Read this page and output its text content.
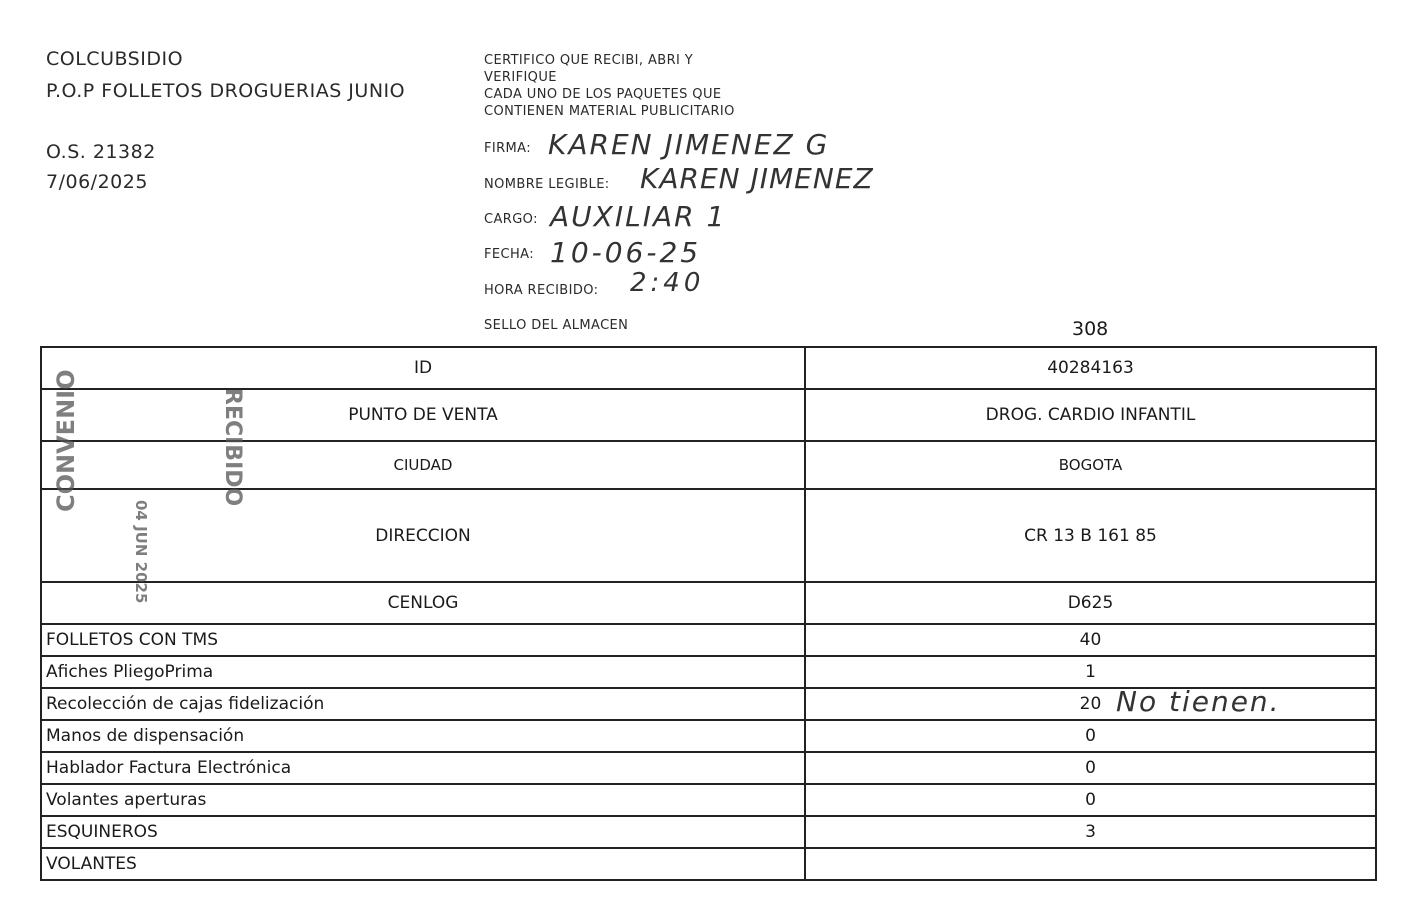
COLCUBSIDIO
P.O.P FOLLETOS DROGUERIAS JUNIO
O.S. 21382
7/06/2025
CERTIFICO QUE RECIBI, ABRI Y
VERIFIQUE
CADA UNO DE LOS PAQUETES QUE
CONTIENEN MATERIAL PUBLICITARIO
FIRMA: KAREN JIMENEZ G
NOMBRE LEGIBLE: KAREN JIMENEZ
CARGO: AUXILIAR 1
FECHA: 10-06-25
HORA RECIBIDO: 2:40
SELLO DEL ALMACEN	308
ID	40284163
PUNTO DE VENTA	DROG. CARDIO INFANTIL
CIUDAD	BOGOTA
DIRECCION	CR 13 B 161 85
CENLOG	D625
FOLLETOS CON TMS	40
Afiches PliegoPrima	1
Recolección de cajas fidelización	20 No tienen.

Manos de dispensación	0
Hablador Factura Electrónica	0
Volantes aperturas	0
ESQUINEROS	3
VOLANTES	
CONVENIO
04 JUN 2025
RECIBIDO
